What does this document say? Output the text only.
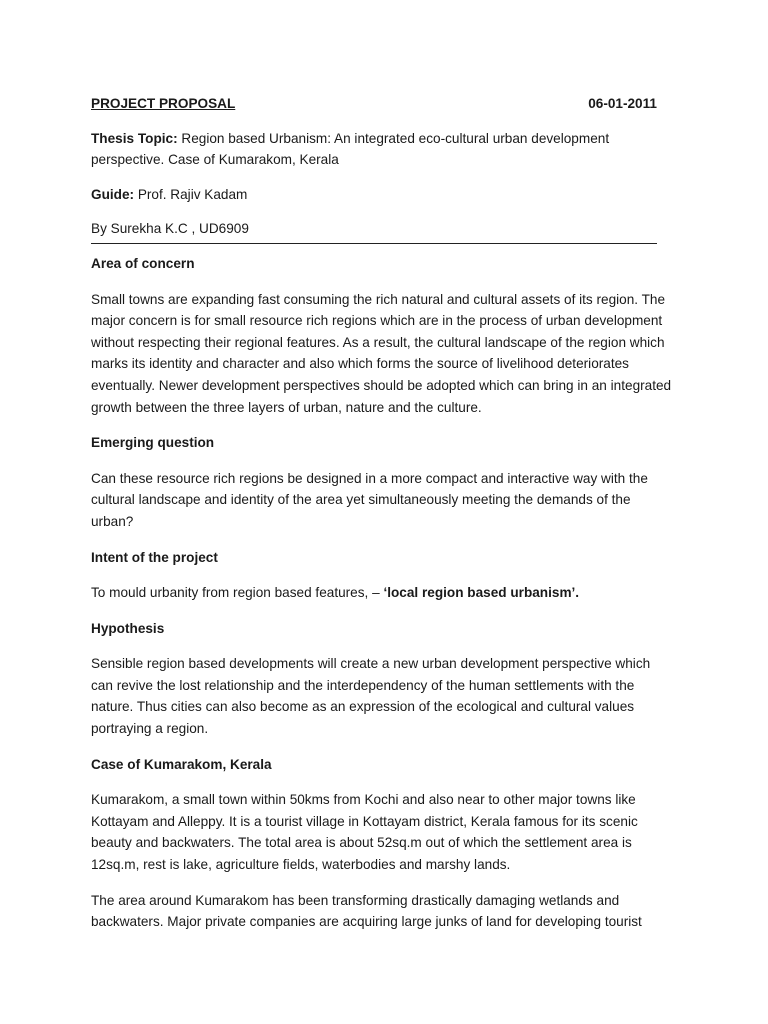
PROJECT PROPOSAL	06-01-2011

Thesis Topic: Region based Urbanism: An integrated eco-cultural urban development perspective. Case of Kumarakom, Kerala

Guide: Prof. Rajiv Kadam

By Surekha K.C , UD6909

Area of concern

Small towns are expanding fast consuming the rich natural and cultural assets of its region. The major concern is for small resource rich regions which are in the process of urban development without respecting their regional features. As a result, the cultural landscape of the region which marks its identity and character and also which forms the source of livelihood deteriorates eventually. Newer development perspectives should be adopted which can bring in an integrated growth between the three layers of urban, nature and the culture.

Emerging question

Can these resource rich regions be designed in a more compact and interactive way with the cultural landscape and identity of the area yet simultaneously meeting the demands of the urban?

Intent of the project

To mould urbanity from region based features, – ‘local region based urbanism’.

Hypothesis

Sensible region based developments will create a new urban development perspective which can revive the lost relationship and the interdependency of the human settlements with the nature. Thus cities can also become as an expression of the ecological and cultural values portraying a region.

Case of Kumarakom, Kerala

Kumarakom, a small town within 50kms from Kochi and also near to other major towns like Kottayam and Alleppy. It is a tourist village in Kottayam district, Kerala famous for its scenic beauty and backwaters. The total area is about 52sq.m out of which the settlement area is 12sq.m, rest is lake, agriculture fields, waterbodies and marshy lands.

The area around Kumarakom has been transforming drastically damaging wetlands and backwaters. Major private companies are acquiring large junks of land for developing tourist
